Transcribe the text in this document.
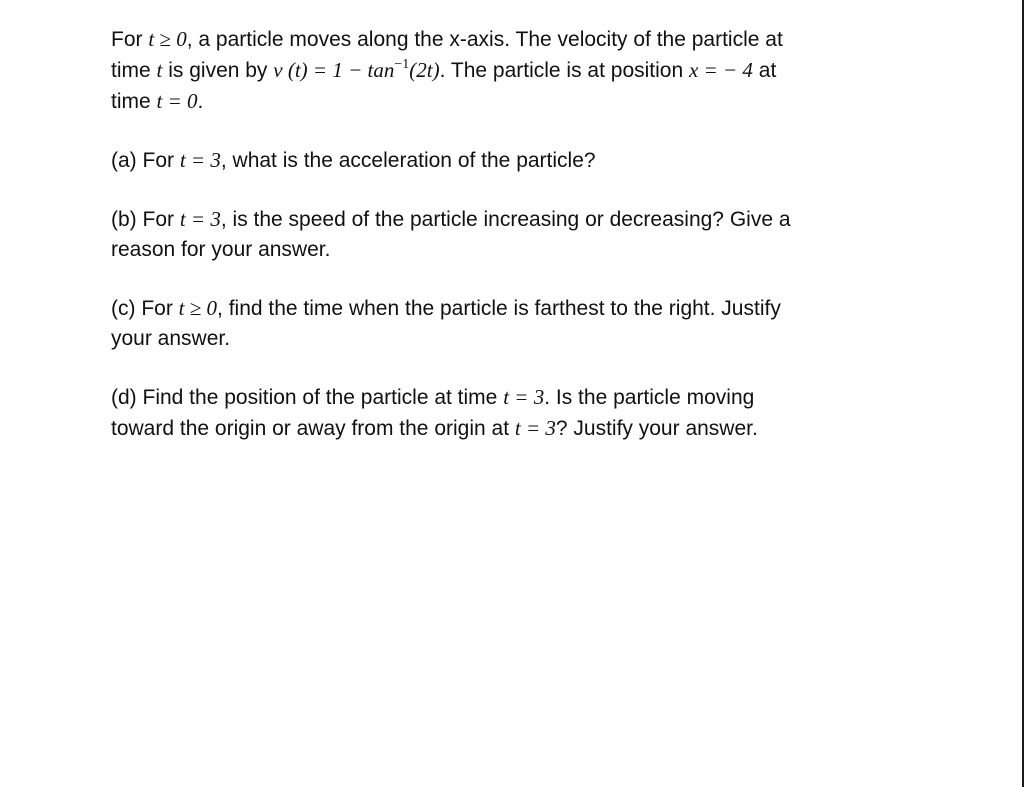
For t ≥ 0, a particle moves along the x-axis. The velocity of the particle at
time t is given by v $(t) = 1 - \tan^{-1}(2t)$. The particle is at position x = − 4 at
time t = 0.

(a) For t = 3, what is the acceleration of the particle?

(b) For t = 3, is the speed of the particle increasing or decreasing? Give a
reason for your answer.

(c) For t ≥ 0, find the time when the particle is farthest to the right. Justify
your answer.

(d) Find the position of the particle at time t = 3. Is the particle moving
toward the origin or away from the origin at t = 3? Justify your answer.
